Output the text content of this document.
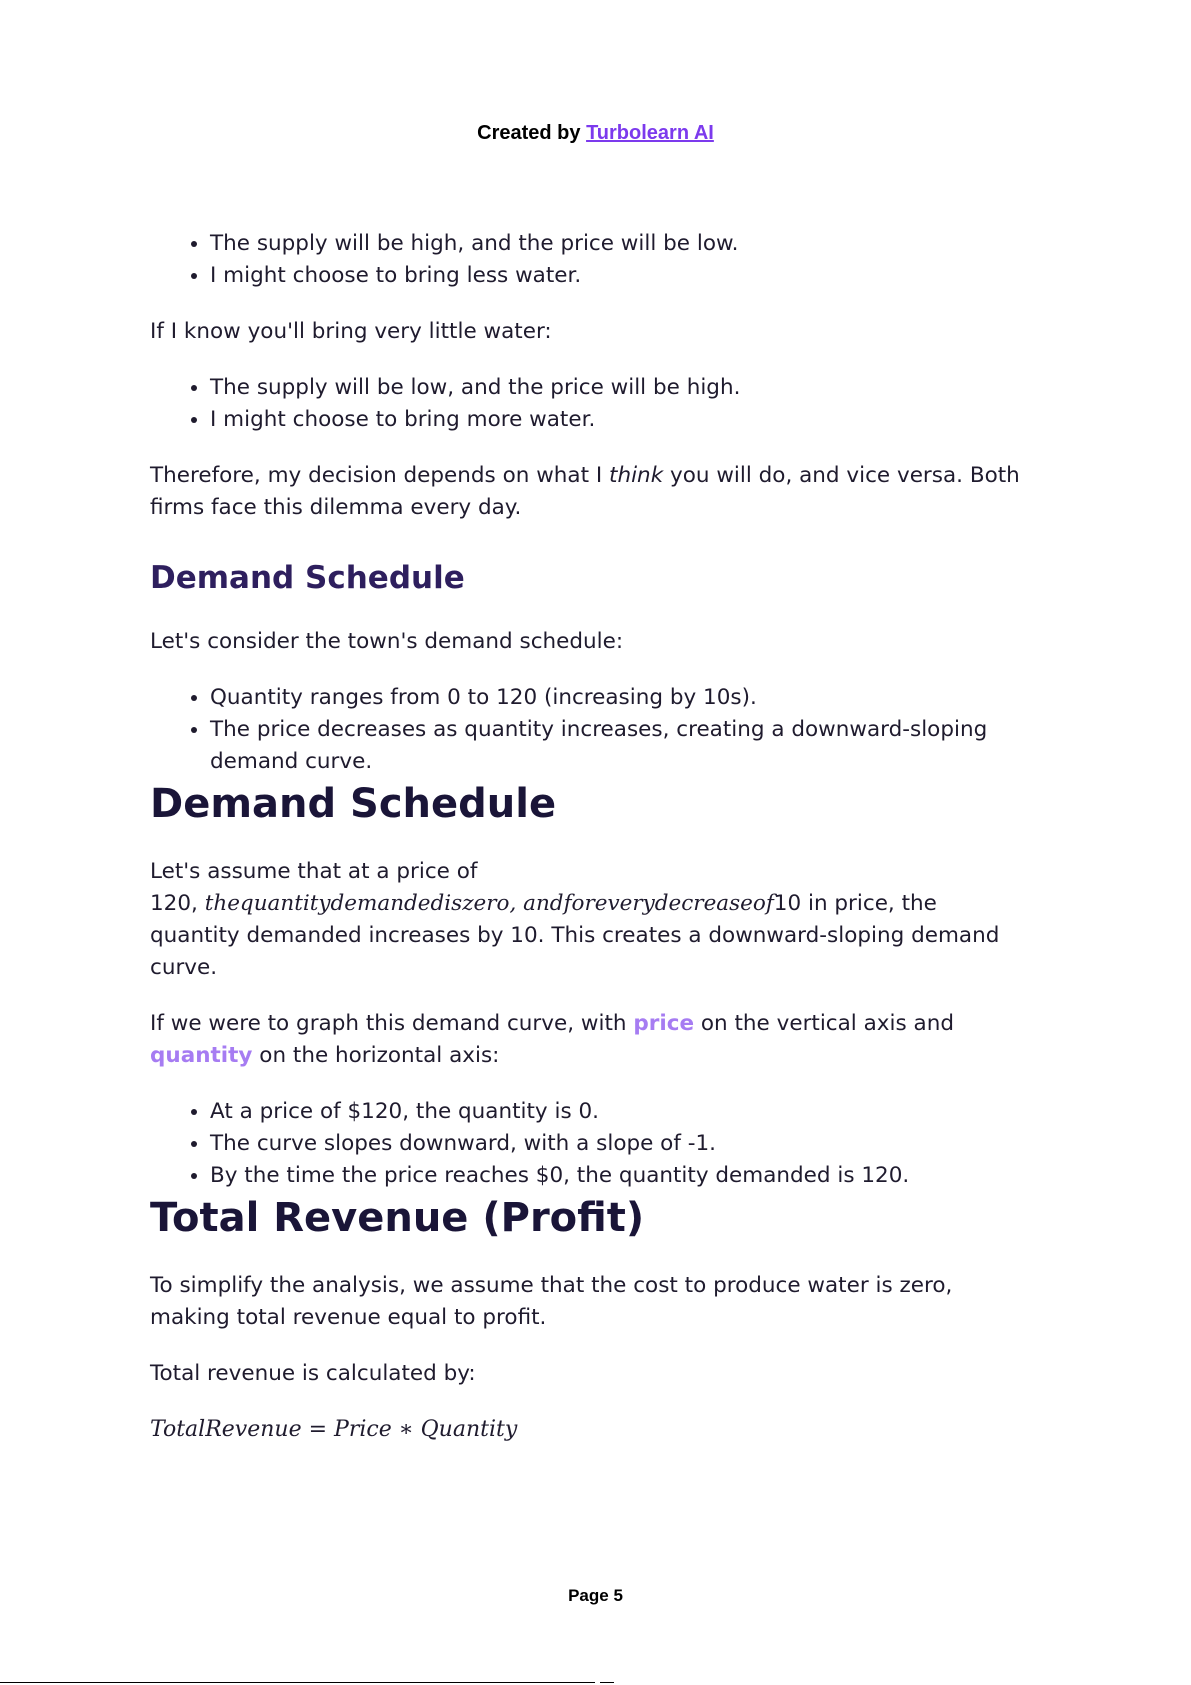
Created by Turbolearn AI
• The supply will be high, and the price will be low.
• I might choose to bring less water.

If I know you'll bring very little water:

• The supply will be low, and the price will be high.
• I might choose to bring more water.

Therefore, my decision depends on what I think you will do, and vice versa. Both firms face this dilemma every day.

Demand Schedule

Let's consider the town's demand schedule:

• Quantity ranges from 0 to 120 (increasing by 10s).
• The price decreases as quantity increases, creating a downward-sloping demand curve.
Demand Schedule

Let's assume that at a price of
120, thequantitydemandediszero, andforeverydecreaseof10 in price, the quantity demanded increases by 10. This creates a downward-sloping demand curve.

If we were to graph this demand curve, with price on the vertical axis and quantity on the horizontal axis:

• At a price of $120, the quantity is 0.
• The curve slopes downward, with a slope of -1.
• By the time the price reaches $0, the quantity demanded is 120.
Total Revenue (Profit)

To simplify the analysis, we assume that the cost to produce water is zero, making total revenue equal to profit.

Total revenue is calculated by:

TotalRevenue = Price ∗ Quantity
Page 5
